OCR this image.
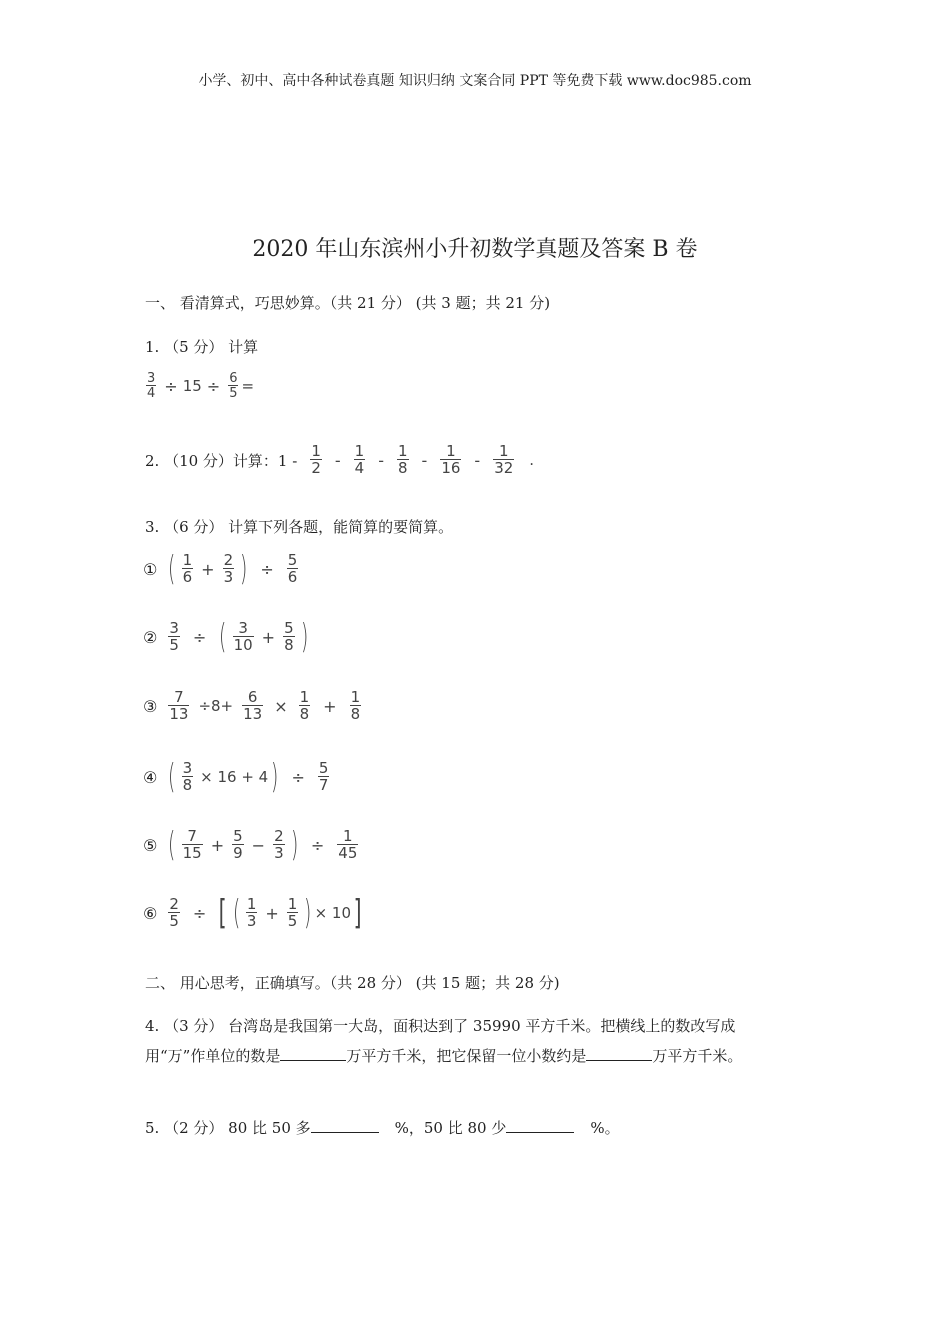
小学、初中、高中各种试卷真题 知识归纳 文案合同 PPT 等免费下载 www.doc985.com
2020 年山东滨州小升初数学真题及答案 B 卷
一、 看清算式，巧思妙算。（共 21 分） (共 3 题；共 21 分)
1. （5 分） 计算
$\frac{3}{4} \div 15 \div \frac{6}{5}$ =
2. （10 分）计算：$1 - \frac{1}{2} - \frac{1}{4} - \frac{1}{8} - \frac{1}{16} - \frac{1}{32}$ .
3. （6 分） 计算下列各题，能简算的要简算。
① ( $\frac{1}{6} + \frac{2}{3}$ ) ÷ $\frac{5}{6}$
② $\frac{3}{5}$ ÷ ( $\frac{3}{10} + \frac{5}{8}$ )
③ $\frac{7}{13} \div 8+ \frac{6}{13} \times \frac{1}{8} + \frac{1}{8}$
④ ( $\frac{3}{8} \times 16 + 4$ ) ÷ $\frac{5}{7}$
⑤ ( $\frac{7}{15} + \frac{5}{9} - \frac{2}{3}$ ) ÷ $\frac{1}{45}$
⑥ $\frac{2}{5}$ ÷ [ ( $\frac{1}{3} + \frac{1}{5}$ ) × 10 ]
二、 用心思考，正确填写。（共 28 分） (共 15 题；共 28 分)
4. （3 分） 台湾岛是我国第一大岛，面积达到了 35990 平方千米。把横线上的数改写成
用“万”作单位的数是	万平方千米，把它保留一位小数约是	万平方千米。
5. （2 分） 80 比 50 多	%，50 比 80 少	%。
